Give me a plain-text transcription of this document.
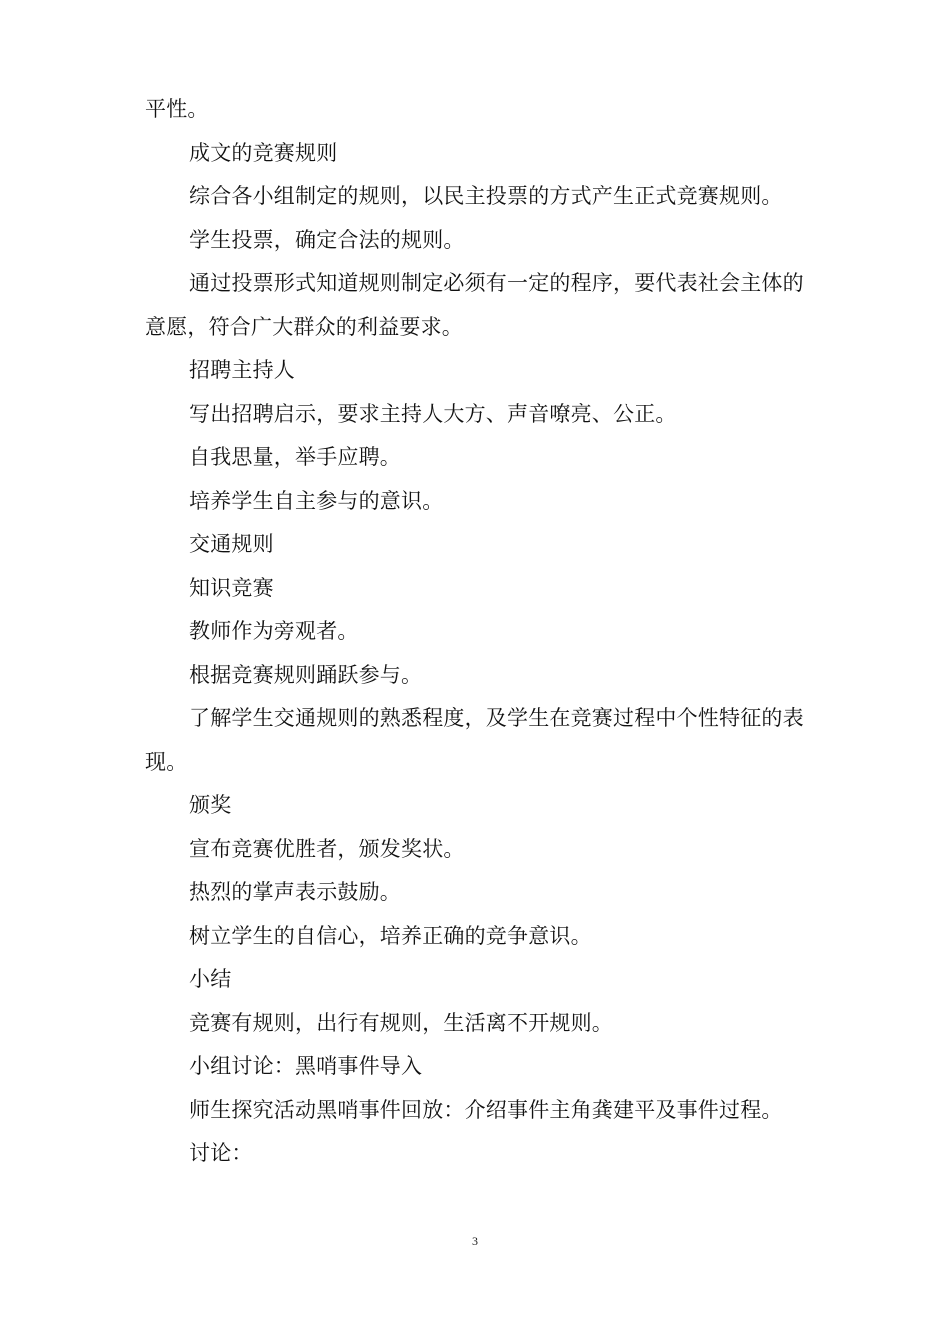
平性。

成文的竞赛规则

综合各小组制定的规则，以民主投票的方式产生正式竞赛规则。

学生投票，确定合法的规则。

通过投票形式知道规则制定必须有一定的程序，要代表社会主体的意愿，符合广大群众的利益要求。

招聘主持人

写出招聘启示，要求主持人大方、声音嘹亮、公正。

自我思量，举手应聘。

培养学生自主参与的意识。

交通规则

知识竞赛

教师作为旁观者。

根据竞赛规则踊跃参与。

了解学生交通规则的熟悉程度，及学生在竞赛过程中个性特征的表现。

颁奖

宣布竞赛优胜者，颁发奖状。

热烈的掌声表示鼓励。

树立学生的自信心，培养正确的竞争意识。

小结

竞赛有规则，出行有规则，生活离不开规则。

小组讨论：黑哨事件导入

师生探究活动黑哨事件回放：介绍事件主角龚建平及事件过程。

讨论：

3
